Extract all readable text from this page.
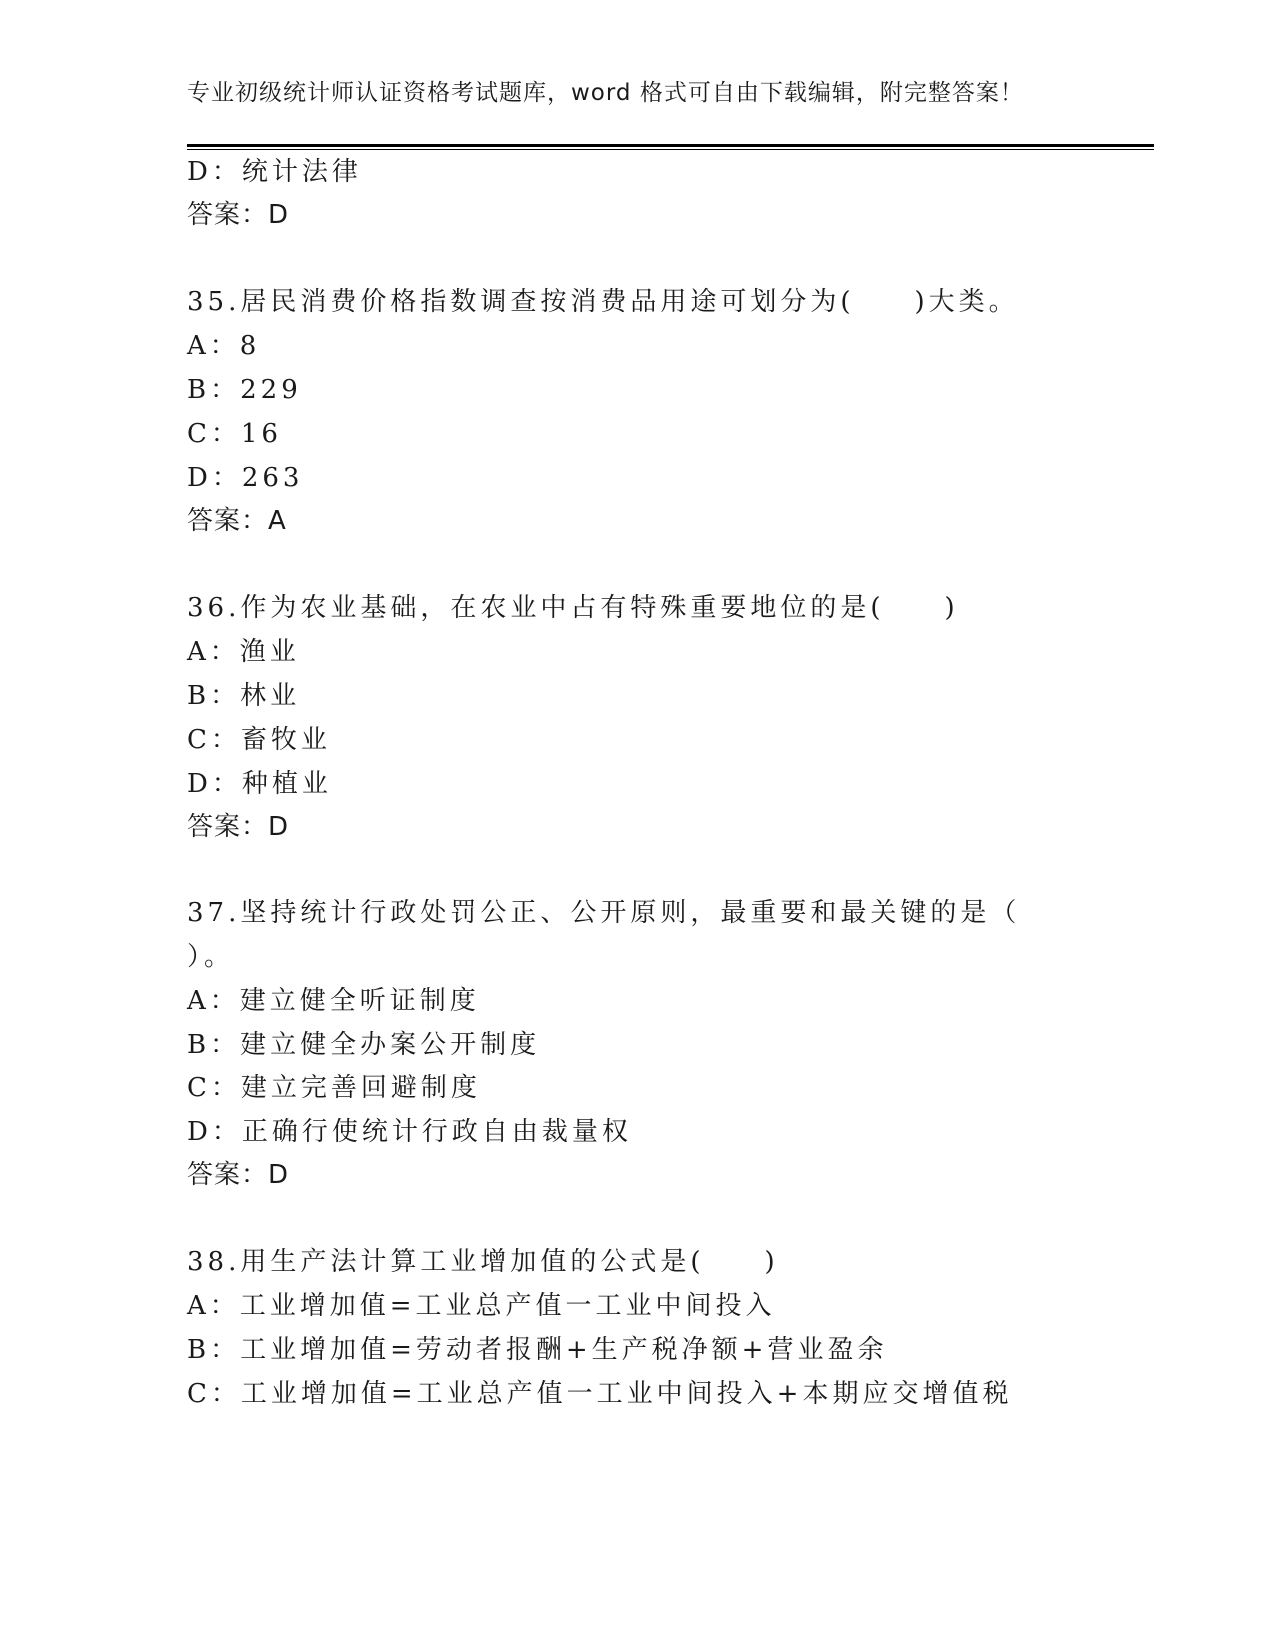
专业初级统计师认证资格考试题库，word 格式可自由下载编辑，附完整答案！
D：统计法律
答案：D
35.居民消费价格指数调查按消费品用途可划分为(　　)大类。
A：8
B：229
C：16
D：263
答案：A
36.作为农业基础，在农业中占有特殊重要地位的是(　　)
A：渔业
B：林业
C：畜牧业
D：种植业
答案：D
37.坚持统计行政处罚公正、公开原则，最重要和最关键的是（
）。
A：建立健全听证制度
B：建立健全办案公开制度
C：建立完善回避制度
D：正确行使统计行政自由裁量权
答案：D
38.用生产法计算工业增加值的公式是(　　)
A：工业增加值=工业总产值一工业中间投入
B：工业增加值=劳动者报酬+生产税净额+营业盈余
C：工业增加值=工业总产值一工业中间投入+本期应交增值税
